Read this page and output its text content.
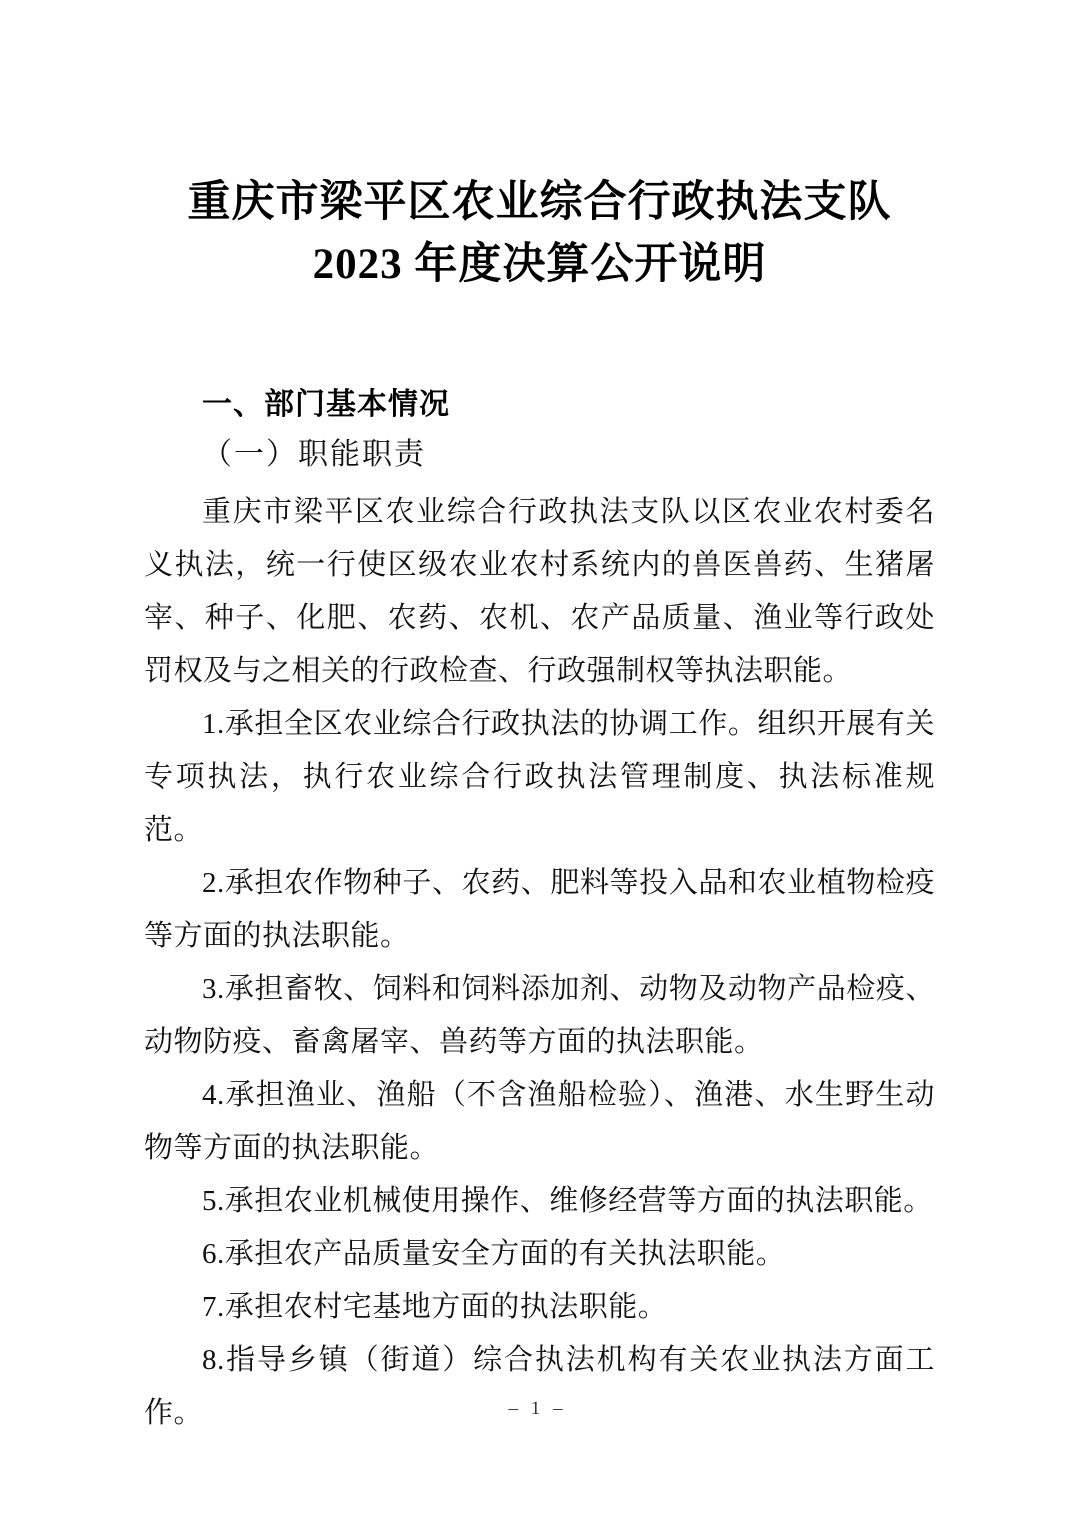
重庆市梁平区农业综合行政执法支队
2023 年度决算公开说明
一、部门基本情况
（一）职能职责

重庆市梁平区农业综合行政执法支队以区农业农村委名义执法，统一行使区级农业农村系统内的兽医兽药、生猪屠宰、种子、化肥、农药、农机、农产品质量、渔业等行政处罚权及与之相关的行政检查、行政强制权等执法职能。

1.承担全区农业综合行政执法的协调工作。组织开展有关专项执法，执行农业综合行政执法管理制度、执法标准规范。

2.承担农作物种子、农药、肥料等投入品和农业植物检疫等方面的执法职能。

3.承担畜牧、饲料和饲料添加剂、动物及动物产品检疫、动物防疫、畜禽屠宰、兽药等方面的执法职能。

4.承担渔业、渔船（不含渔船检验）、渔港、水生野生动物等方面的执法职能。

5.承担农业机械使用操作、维修经营等方面的执法职能。

6.承担农产品质量安全方面的有关执法职能。

7.承担农村宅基地方面的执法职能。

8.指导乡镇（街道）综合执法机构有关农业执法方面工作。	– 1 –
